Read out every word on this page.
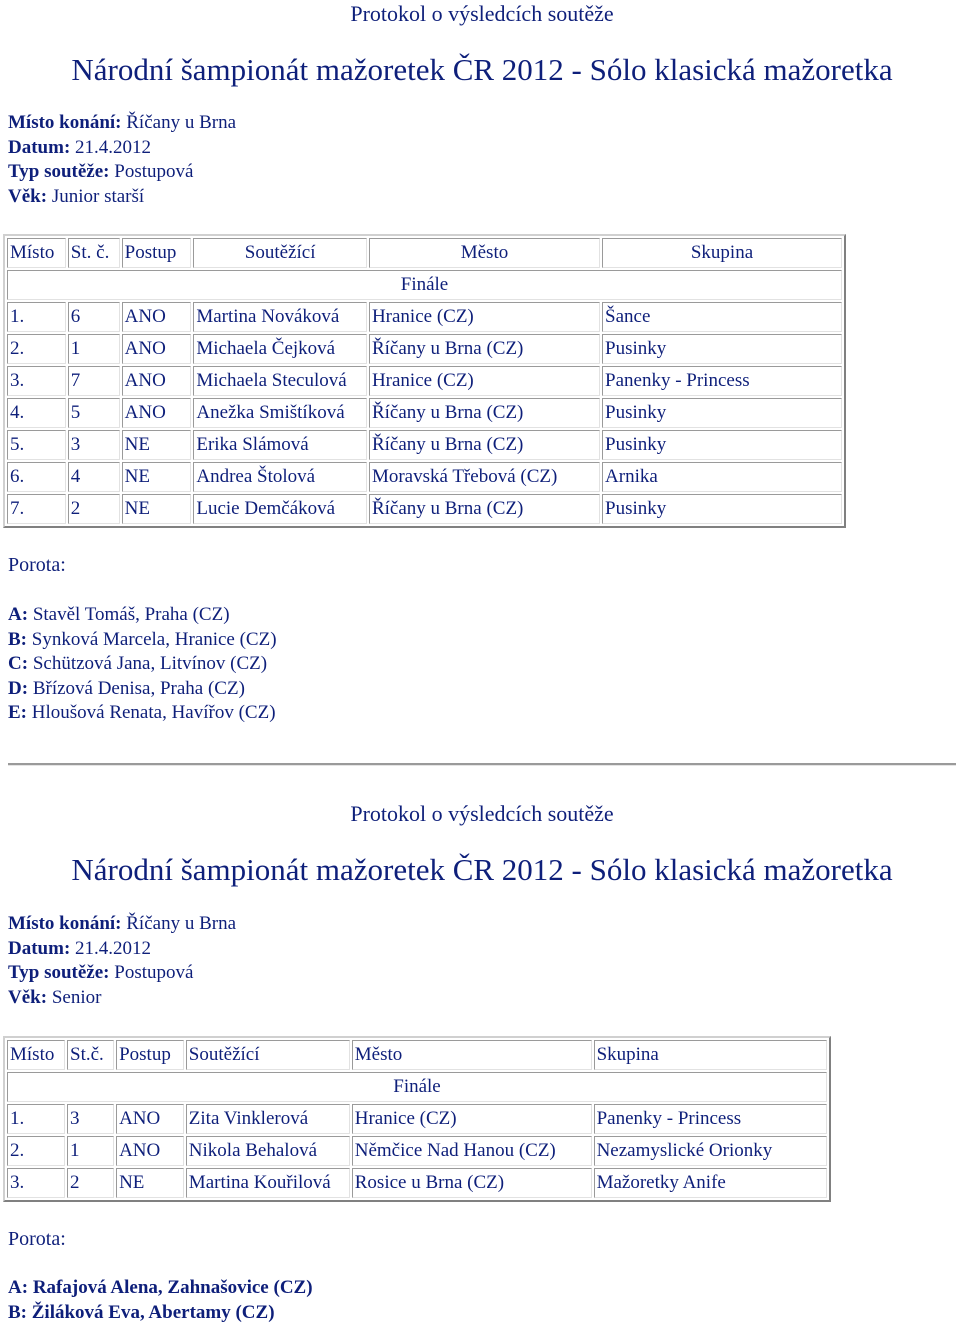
Protokol o výsledcích soutěže
Národní šampionát mažoretek ČR 2012 - Sólo klasická mažoretka
Místo konání: Říčany u Brna
Datum: 21.4.2012
Typ soutěže: Postupová
Věk: Junior starší
Místo	St. č.	Postup	Soutěžící	Město	Skupina
Finále					
1.	6	ANO	Martina Nováková	Hranice (CZ)	Šance
2.	1	ANO	Michaela Čejková	Říčany u Brna (CZ)	Pusinky
3.	7	ANO	Michaela Steculová	Hranice (CZ)	Panenky - Princess
4.	5	ANO	Anežka Smištíková	Říčany u Brna (CZ)	Pusinky
5.	3	NE	Erika Slámová	Říčany u Brna (CZ)	Pusinky
6.	4	NE	Andrea Štolová	Moravská Třebová (CZ)	Arnika
7.	2	NE	Lucie Demčáková	Říčany u Brna (CZ)	Pusinky
Porota:
A: Stavěl Tomáš, Praha (CZ)
B: Synková Marcela, Hranice (CZ)
C: Schützová Jana, Litvínov (CZ)
D: Břízová Denisa, Praha (CZ)
E: Hloušová Renata, Havířov (CZ)
Protokol o výsledcích soutěže
Národní šampionát mažoretek ČR 2012 - Sólo klasická mažoretka
Místo konání: Říčany u Brna
Datum: 21.4.2012
Typ soutěže: Postupová
Věk: Senior
Místo	St.č.	Postup	Soutěžící	Město	Skupina
Finále					
1.	3	ANO	Zita Vinklerová	Hranice (CZ)	Panenky - Princess
2.	1	ANO	Nikola Behalová	Němčice Nad Hanou (CZ)	Nezamyslické Orionky
3.	2	NE	Martina Kouřilová	Rosice u Brna (CZ)	Mažoretky Anife
Porota:
A: Rafajová Alena, Zahnašovice (CZ)
B: Žiláková Eva, Abertamy (CZ)
